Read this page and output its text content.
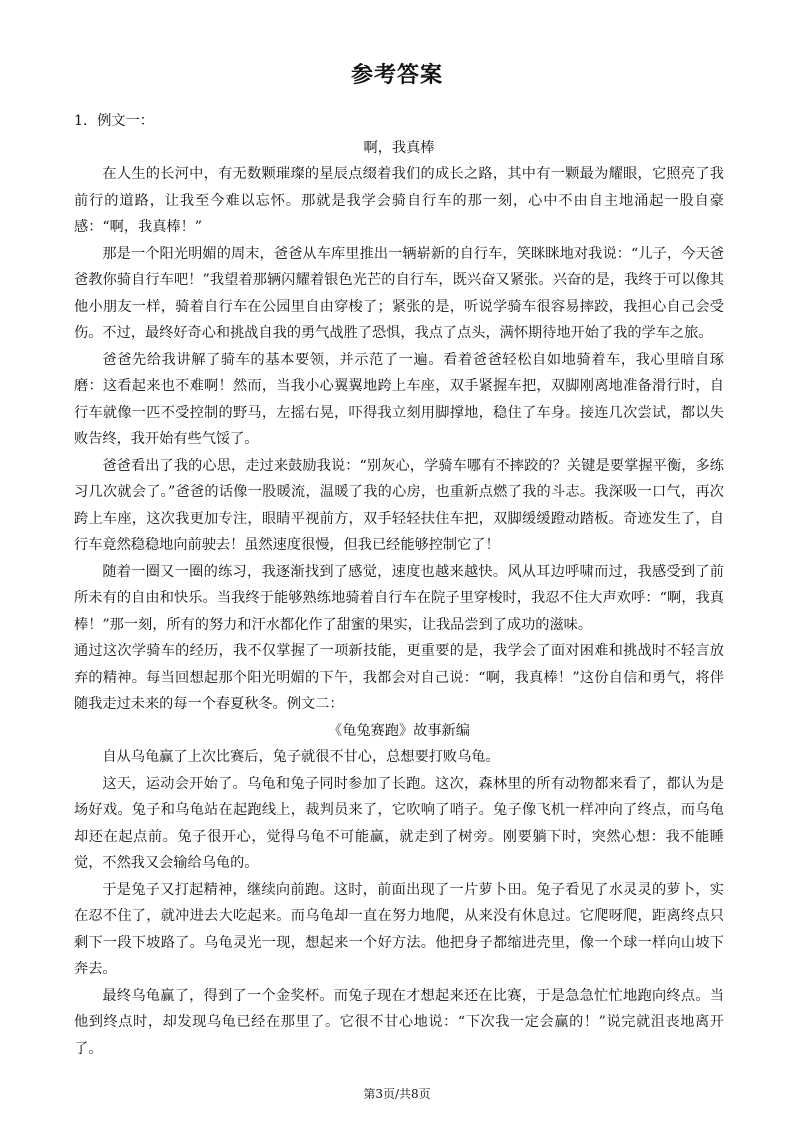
参考答案

1．例文一：

啊，我真棒

在人生的长河中，有无数颗璀璨的星辰点缀着我们的成长之路，其中有一颗最为耀眼，它照亮了我前行的道路，让我至今难以忘怀。那就是我学会骑自行车的那一刻，心中不由自主地涌起一股自豪感：“啊，我真棒！”

那是一个阳光明媚的周末，爸爸从车库里推出一辆崭新的自行车，笑眯眯地对我说：“儿子，今天爸爸教你骑自行车吧！”我望着那辆闪耀着银色光芒的自行车，既兴奋又紧张。兴奋的是，我终于可以像其他小朋友一样，骑着自行车在公园里自由穿梭了；紧张的是，听说学骑车很容易摔跤，我担心自己会受伤。不过，最终好奇心和挑战自我的勇气战胜了恐惧，我点了点头，满怀期待地开始了我的学车之旅。

爸爸先给我讲解了骑车的基本要领，并示范了一遍。看着爸爸轻松自如地骑着车，我心里暗自琢磨：这看起来也不难啊！然而，当我小心翼翼地跨上车座，双手紧握车把，双脚刚离地准备滑行时，自行车就像一匹不受控制的野马，左摇右晃，吓得我立刻用脚撑地，稳住了车身。接连几次尝试，都以失败告终，我开始有些气馁了。

爸爸看出了我的心思，走过来鼓励我说：“别灰心，学骑车哪有不摔跤的？关键是要掌握平衡，多练习几次就会了。”爸爸的话像一股暖流，温暖了我的心房，也重新点燃了我的斗志。我深吸一口气，再次跨上车座，这次我更加专注，眼睛平视前方，双手轻轻扶住车把，双脚缓缓蹬动踏板。奇迹发生了，自行车竟然稳稳地向前驶去！虽然速度很慢，但我已经能够控制它了！

随着一圈又一圈的练习，我逐渐找到了感觉，速度也越来越快。风从耳边呼啸而过，我感受到了前所未有的自由和快乐。当我终于能够熟练地骑着自行车在院子里穿梭时，我忍不住大声欢呼：“啊，我真棒！”那一刻，所有的努力和汗水都化作了甜蜜的果实，让我品尝到了成功的滋味。

通过这次学骑车的经历，我不仅掌握了一项新技能，更重要的是，我学会了面对困难和挑战时不轻言放弃的精神。每当回想起那个阳光明媚的下午，我都会对自己说：“啊，我真棒！”这份自信和勇气，将伴随我走过未来的每一个春夏秋冬。例文二：

《龟兔赛跑》故事新编

自从乌龟赢了上次比赛后，兔子就很不甘心，总想要打败乌龟。

这天，运动会开始了。乌龟和兔子同时参加了长跑。这次，森林里的所有动物都来看了，都认为是场好戏。兔子和乌龟站在起跑线上，裁判员来了，它吹响了哨子。兔子像飞机一样冲向了终点，而乌龟却还在起点前。兔子很开心，觉得乌龟不可能赢，就走到了树旁。刚要躺下时，突然心想：我不能睡觉，不然我又会输给乌龟的。

于是兔子又打起精神，继续向前跑。这时，前面出现了一片萝卜田。兔子看见了水灵灵的萝卜，实在忍不住了，就冲进去大吃起来。而乌龟却一直在努力地爬，从来没有休息过。它爬呀爬，距离终点只剩下一段下坡路了。乌龟灵光一现，想起来一个好方法。他把身子都缩进壳里，像一个球一样向山坡下奔去。

最终乌龟赢了，得到了一个金奖杯。而兔子现在才想起来还在比赛，于是急急忙忙地跑向终点。当他到终点时，却发现乌龟已经在那里了。它很不甘心地说：“下次我一定会赢的！”说完就沮丧地离开了。

第3页/共8页
